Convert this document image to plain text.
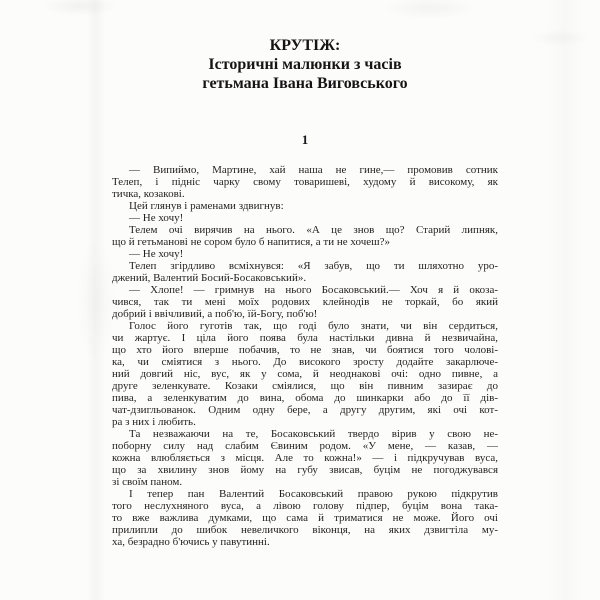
КРУТІЖ:
Історичні малюнки з часів
гетьмана Івана Виговського
1
— Випиймо, Мартине, хай наша не гине,— промовив сотник
Телеп, і підніс чарку свому товаришеві, худому й високому, як
тичка, козакові.
Цей глянув і раменами здвигнув:
— Не хочу!
Телем очі вирячив на нього. «А це знов що? Старий липняк,
що й гетьманові не сором було б напитися, а ти не хочеш?»
— Не хочу!
Телеп згірдливо всміхнувся: «Я забув, що ти шляхотно уро-
джений, Валентий Босий-Босаковський».
— Хлопе! — гримнув на нього Босаковський.— Хоч я й окоза-
чився, так ти мені моїх родових клейнодів не торкай, бо який
добрий і ввічливий, а поб'ю, їй-Богу, поб'ю!
Голос його гуготів так, що годі було знати, чи він сердиться,
чи жартує. І ціла його поява була настільки дивна й незвичайна,
що хто його вперше побачив, то не знав, чи боятися того чолові-
ка, чи сміятися з нього. До високого зросту додайте закарлюче-
ний довгий ніс, вус, як у сома, й неоднакові очі: одно пивне, а
друге зеленкувате. Козаки сміялися, що він пивним зазирає до
пива, а зеленкуватим до вина, обома до шинкарки або до її дів-
чат-дзигльованок. Одним одну бере, а другу другим, які очі кот-
ра з них і любить.
Та незважаючи на те, Босаковський твердо вірив у свою не-
поборну силу над слабим Євиним родом. «У мене, — казав, —
кожна влюбляється з місця. Але то кожна!» — і підкручував вуса,
що за хвилину знов йому на губу звисав, буцім не погоджувався
зі своїм паном.
І тепер пан Валентий Босаковський правою рукою підкрутив
того неслухняного вуса, а лівою голову підпер, буцім вона така-
то вже важлива думками, що сама й триматися не може. Його очі
прилипли до шибок невеличкого віконця, на яких дзвигтіла му-
ха, безрадно б'ючись у павутинні.
